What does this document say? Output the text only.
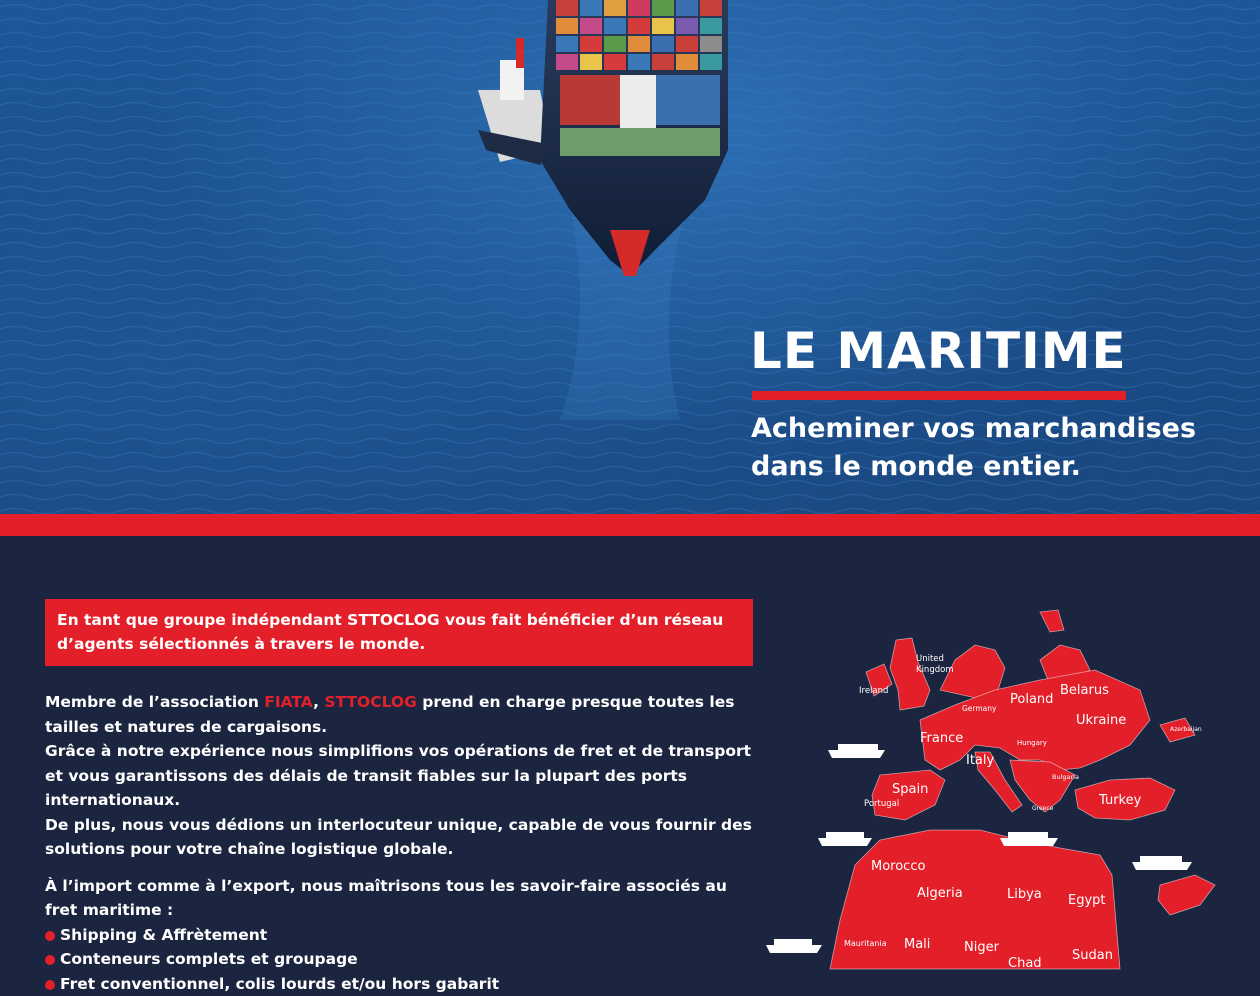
LE MARITIME
Acheminer vos marchandises
dans le monde entier.

En tant que groupe indépendant STTOCLOG vous fait bénéficier d’un réseau d’agents sélectionnés à travers le monde.

Membre de l’association FIATA, STTOCLOG prend en charge presque toutes les tailles et natures de cargaisons.

Grâce à notre expérience nous simplifions vos opérations de fret et de transport et vous garantissons des délais de transit fiables sur la plupart des ports internationaux.

De plus, nous vous dédions un interlocuteur unique, capable de vous fournir des solutions pour votre chaîne logistique globale.

À l’import comme à l’export, nous maîtrisons tous les savoir-faire associés au fret maritime :

Shipping & Affrètement
Conteneurs complets et groupage
Fret conventionnel, colis lourds et/ou hors gabarit
United
Kingdom
Ireland
Germany
Poland
Belarus
Ukraine
Azerbaijan
France	Hungary
Italy
Bulgaria
Spain
Portugal	Greece
Turkey
Morocco
Algeria	Libya Egypt
Mauritania Mali	Niger
Chad
Sudan
